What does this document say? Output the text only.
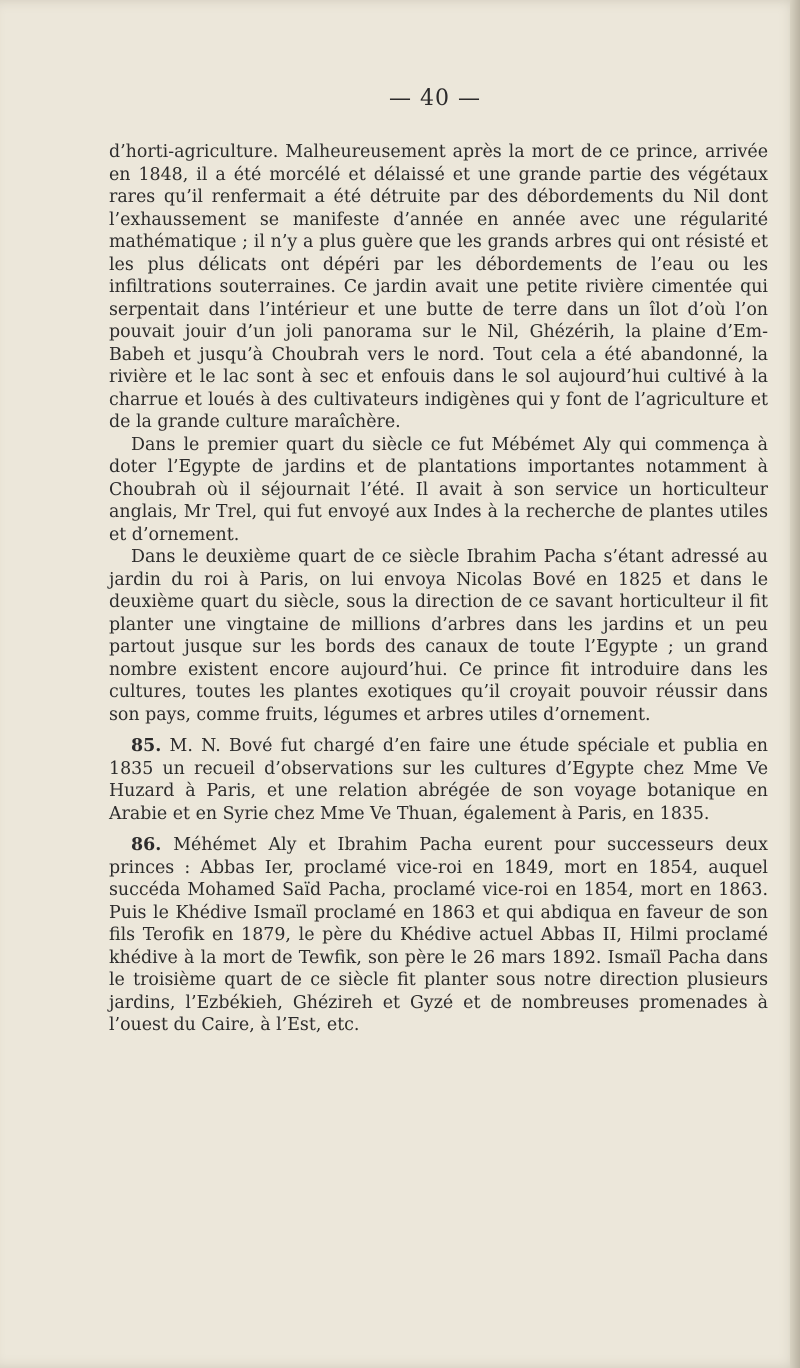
— 40 —

d’horti-agriculture. Malheureusement après la mort de ce prince, arrivée en 1848, il a été morcélé et délaissé et une grande partie des végétaux rares qu’il renfermait a été détruite par des débordements du Nil dont l’exhaussement se manifeste d’année en année avec une régularité mathématique ; il n’y a plus guère que les grands arbres qui ont résisté et les plus délicats ont dépéri par les débordements de l’eau ou les infiltrations souterraines. Ce jardin avait une petite rivière cimentée qui serpentait dans l’intérieur et une butte de terre dans un îlot d’où l’on pouvait jouir d’un joli panorama sur le Nil, Ghézérih, la plaine d’Em-Babeh et jusqu’à Choubrah vers le nord. Tout cela a été abandonné, la rivière et le lac sont à sec et enfouis dans le sol aujourd’hui cultivé à la charrue et loués à des cultivateurs indigènes qui y font de l’agriculture et de la grande culture maraîchère.

Dans le premier quart du siècle ce fut Mébémet Aly qui commença à doter l’Egypte de jardins et de plantations importantes notamment à Choubrah où il séjournait l’été. Il avait à son service un horticulteur anglais, Mr Trel, qui fut envoyé aux Indes à la recherche de plantes utiles et d’ornement.

Dans le deuxième quart de ce siècle Ibrahim Pacha s’étant adressé au jardin du roi à Paris, on lui envoya Nicolas Bové en 1825 et dans le deuxième quart du siècle, sous la direction de ce savant horticulteur il fit planter une vingtaine de millions d’arbres dans les jardins et un peu partout jusque sur les bords des canaux de toute l’Egypte ; un grand nombre existent encore aujourd’hui. Ce prince fit introduire dans les cultures, toutes les plantes exotiques qu’il croyait pouvoir réussir dans son pays, comme fruits, légumes et arbres utiles d’ornement.

85. M. N. Bové fut chargé d’en faire une étude spéciale et publia en 1835 un recueil d’observations sur les cultures d’Egypte chez Mme Ve Huzard à Paris, et une relation abrégée de son voyage botanique en Arabie et en Syrie chez Mme Ve Thuan, également à Paris, en 1835.

86. Méhémet Aly et Ibrahim Pacha eurent pour successeurs deux princes : Abbas Ier, proclamé vice-roi en 1849, mort en 1854, auquel succéda Mohamed Saïd Pacha, proclamé vice-roi en 1854, mort en 1863. Puis le Khédive Ismaïl proclamé en 1863 et qui abdiqua en faveur de son fils Terofik en 1879, le père du Khédive actuel Abbas II, Hilmi proclamé khédive à la mort de Tewfik, son père le 26 mars 1892. Ismaïl Pacha dans le troisième quart de ce siècle fit planter sous notre direction plusieurs jardins, l’Ezbékieh, Ghézireh et Gyzé et de nombreuses promenades à l’ouest du Caire, à l’Est, etc.
